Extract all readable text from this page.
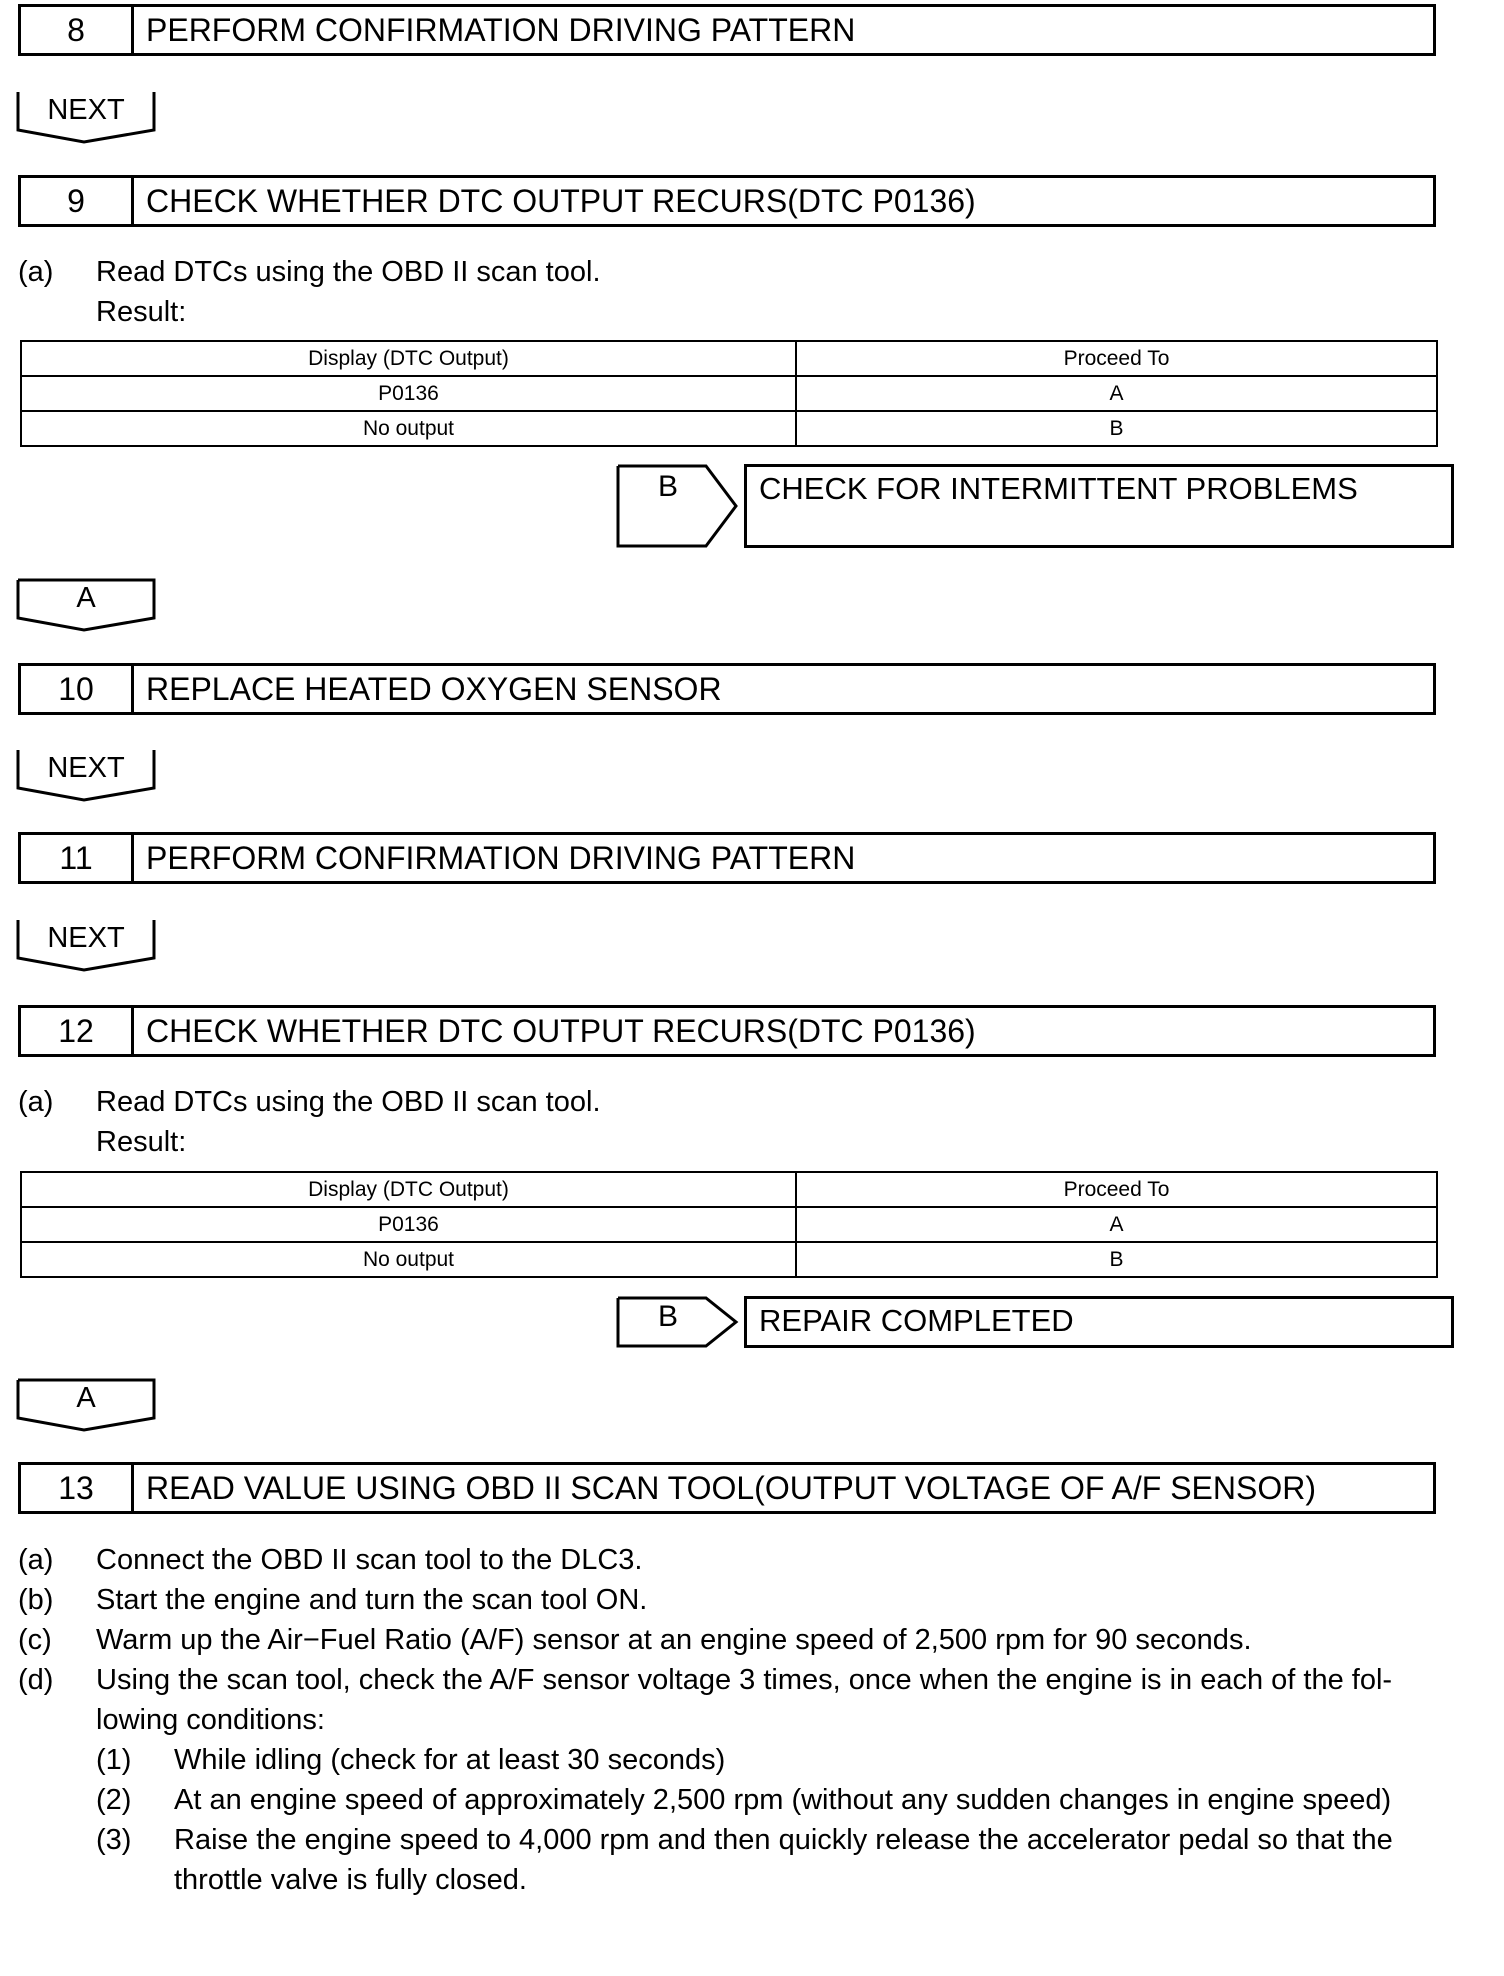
8	PERFORM CONFIRMATION DRIVING PATTERN
NEXT
9	CHECK WHETHER DTC OUTPUT RECURS(DTC P0136)
(a) Read DTCs using the OBD II scan tool.
Result:
Display (DTC Output)	Proceed To
P0136	A
No output	B
B	CHECK FOR INTERMITTENT PROBLEMS
A
10	REPLACE HEATED OXYGEN SENSOR
NEXT
11	PERFORM CONFIRMATION DRIVING PATTERN
NEXT
12	CHECK WHETHER DTC OUTPUT RECURS(DTC P0136)
(a) Read DTCs using the OBD II scan tool.
Result:
Display (DTC Output)	Proceed To
P0136	A
No output	B
B	REPAIR COMPLETED
A
13	READ VALUE USING OBD II SCAN TOOL(OUTPUT VOLTAGE OF A/F SENSOR)
(a) Connect the OBD II scan tool to the DLC3.
(b) Start the engine and turn the scan tool ON.
(c) Warm up the Air−Fuel Ratio (A/F) sensor at an engine speed of 2,500 rpm for 90 seconds.
(d) Using the scan tool, check the A/F sensor voltage 3 times, once when the engine is in each of the fol-
lowing conditions:
(1) While idling (check for at least 30 seconds)
(2) At an engine speed of approximately 2,500 rpm (without any sudden changes in engine speed)
(3) Raise the engine speed to 4,000 rpm and then quickly release the accelerator pedal so that the
throttle valve is fully closed.
